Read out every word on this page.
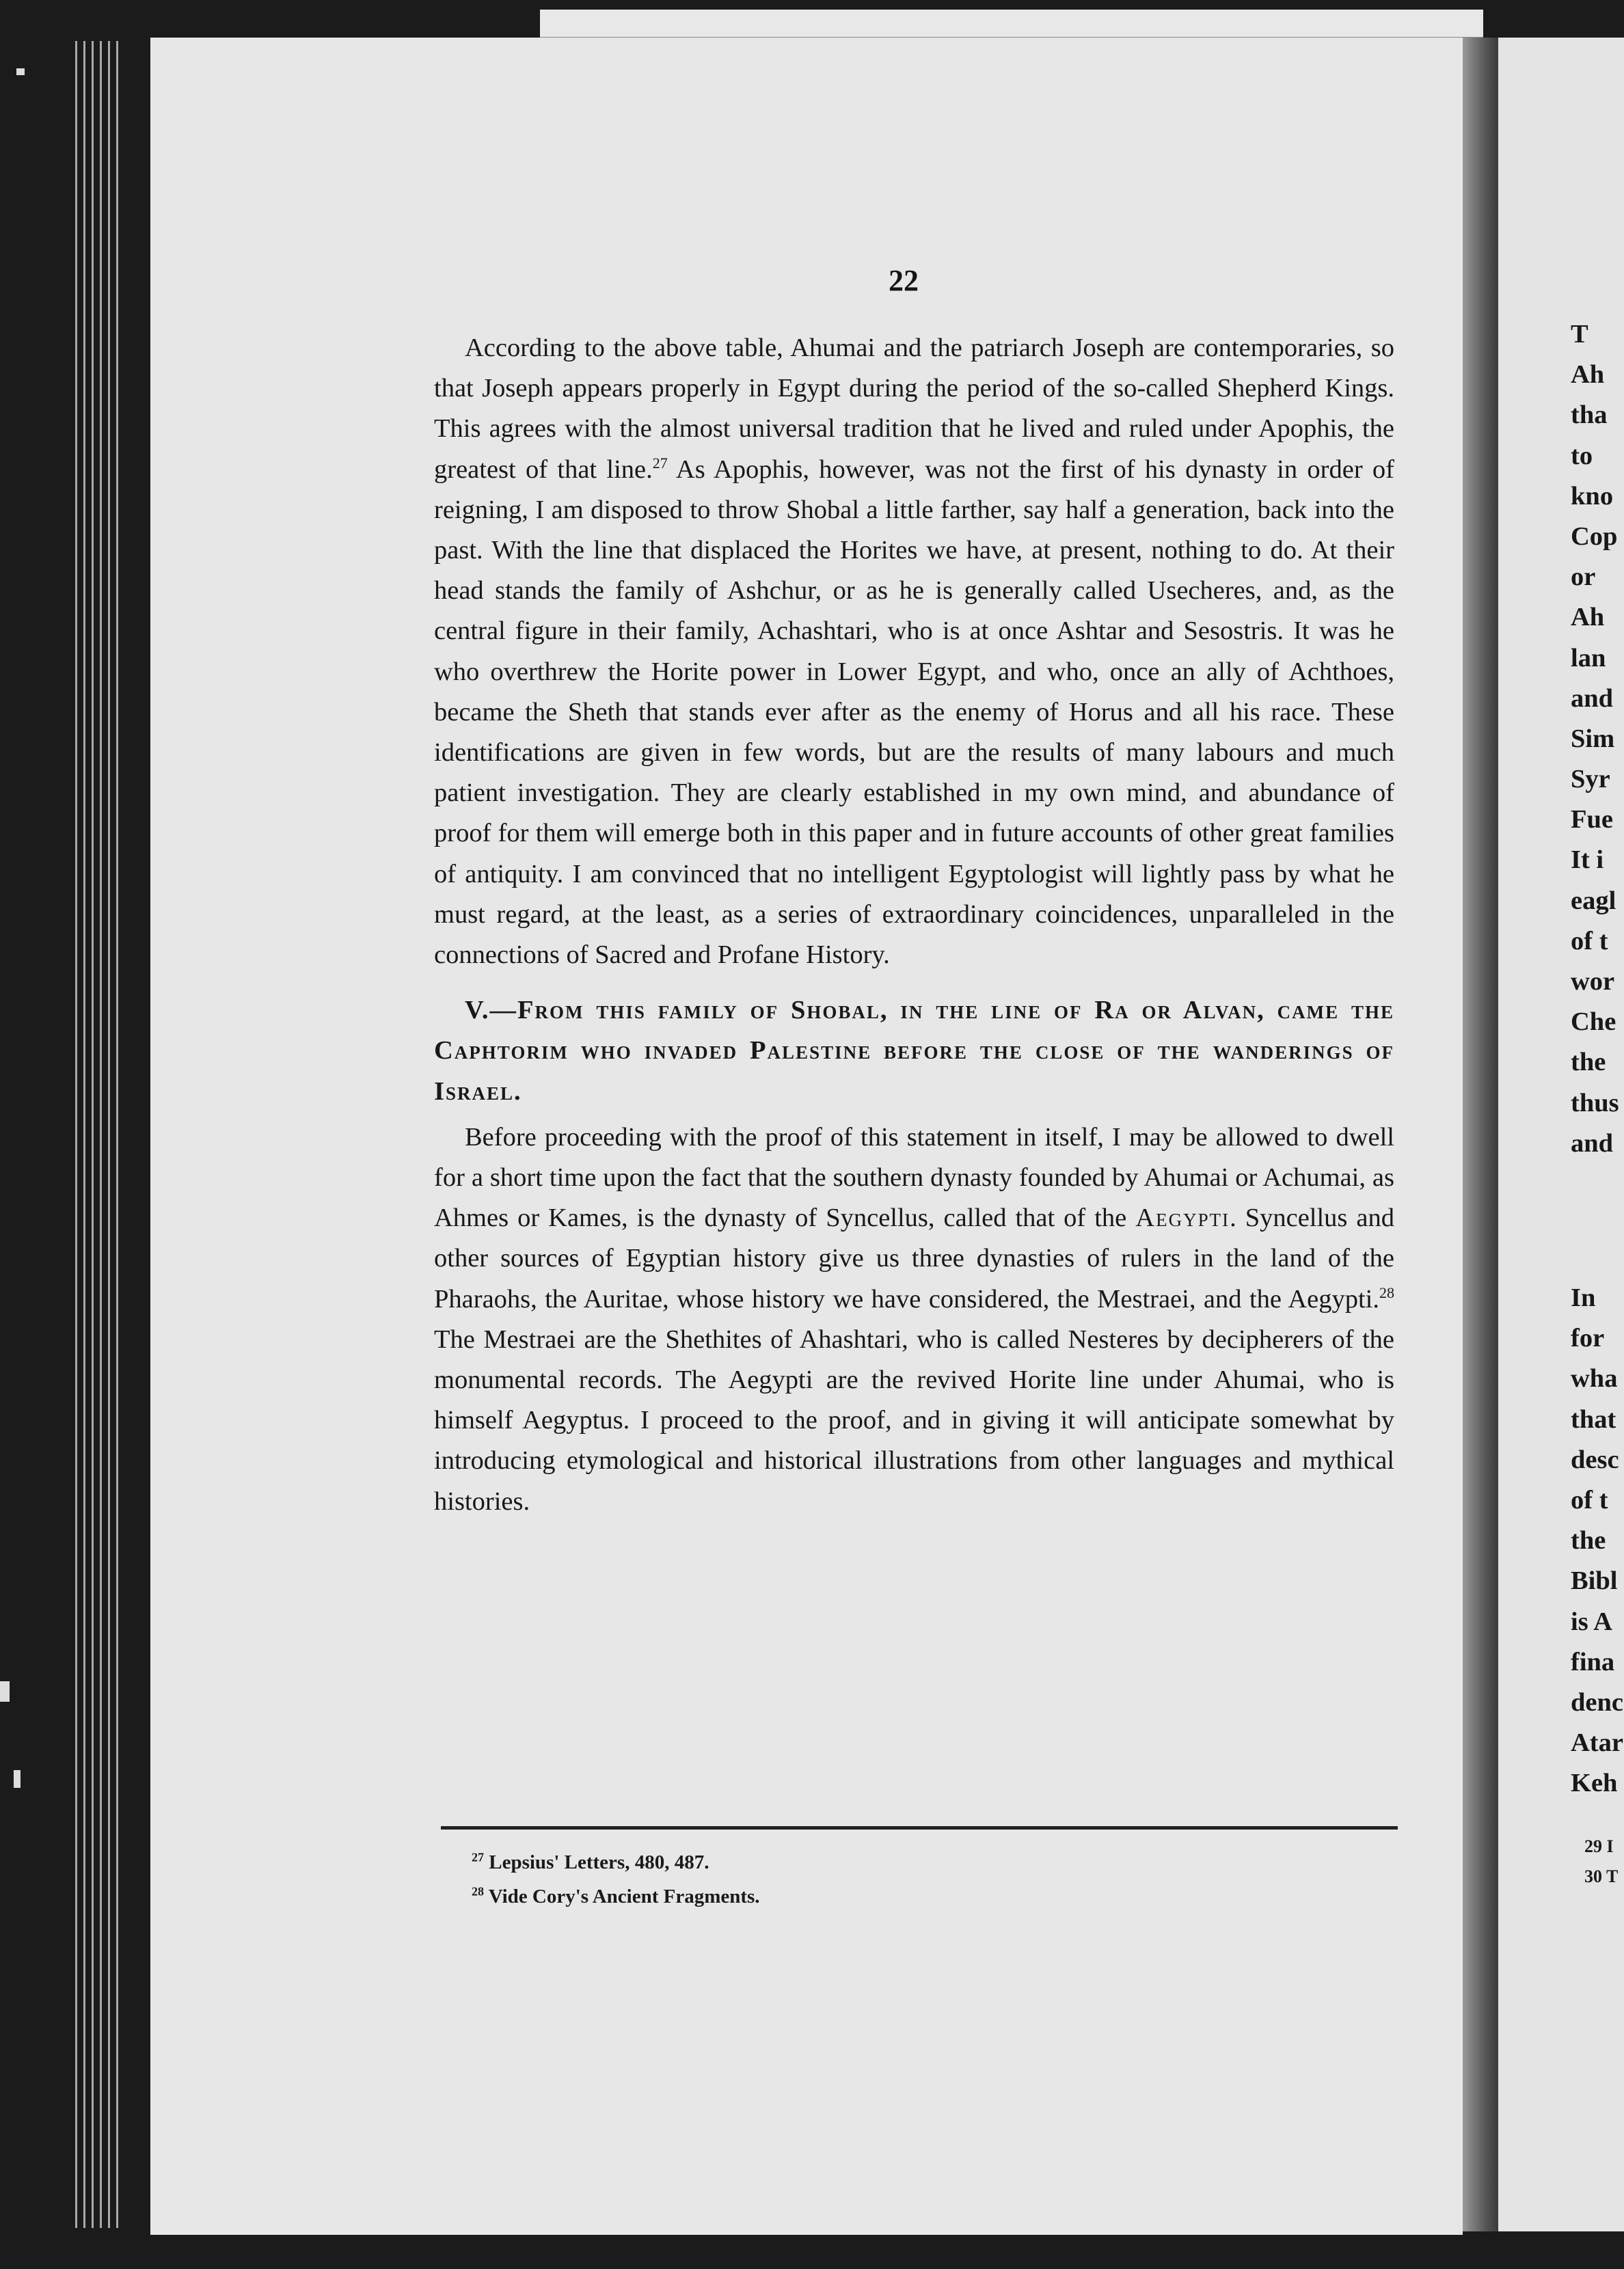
22

According to the above table, Ahumai and the patriarch Joseph are contemporaries, so that Joseph appears properly in Egypt during the period of the so-called Shepherd Kings. This agrees with the almost universal tradition that he lived and ruled under Apophis, the greatest of that line.$^{27}$ As Apophis, however, was not the first of his dynasty in order of reigning, I am disposed to throw Shobal a little farther, say half a generation, back into the past. With the line that displaced the Horites we have, at present, nothing to do. At their head stands the family of Ashchur, or as he is generally called Usecheres, and, as the central figure in their family, Achashtari, who is at once Ashtar and Sesostris. It was he who overthrew the Horite power in Lower Egypt, and who, once an ally of Achthoes, became the Sheth that stands ever after as the enemy of Horus and all his race. These identifications are given in few words, but are the results of many labours and much patient investigation. They are clearly established in my own mind, and abundance of proof for them will emerge both in this paper and in future accounts of other great families of antiquity. I am convinced that no intelligent Egyptologist will lightly pass by what he must regard, at the least, as a series of extraordinary coincidences, unparalleled in the connections of Sacred and Profane History.

V.—From this family of Shobal, in the line of Ra or Alvan, came the Caphtorim who invaded Palestine before the close of the wanderings of Israel.

Before proceeding with the proof of this statement in itself, I may be allowed to dwell for a short time upon the fact that the southern dynasty founded by Ahumai or Achumai, as Ahmes or Kames, is the dynasty of Syncellus, called that of the Aegypti. Syncellus and other sources of Egyptian history give us three dynasties of rulers in the land of the Pharaohs, the Auritae, whose history we have considered, the Mestraei, and the Aegypti.$^{28}$ The Mestraei are the Shethites of Ahashtari, who is called Nesteres by decipherers of the monumental records. The Aegypti are the revived Horite line under Ahumai, who is himself Aegyptus. I proceed to the proof, and in giving it will anticipate somewhat by introducing etymological and historical illustrations from other languages and mythical histories.

$^{27}$ Lepsius' Letters, 480, 487.
$^{28}$ Vide Cory's Ancient Fragments.
T
Ah
tha
to
kno
Cop
or
Ah
lan
and
Sim
Syr
Fue
It i
eagl
of t
wor
Che
the
thus
and
In
for
wha
that
desc
of t
the
Bibl
is A
fina
denc
Atar
Keh
29 I
30 T
